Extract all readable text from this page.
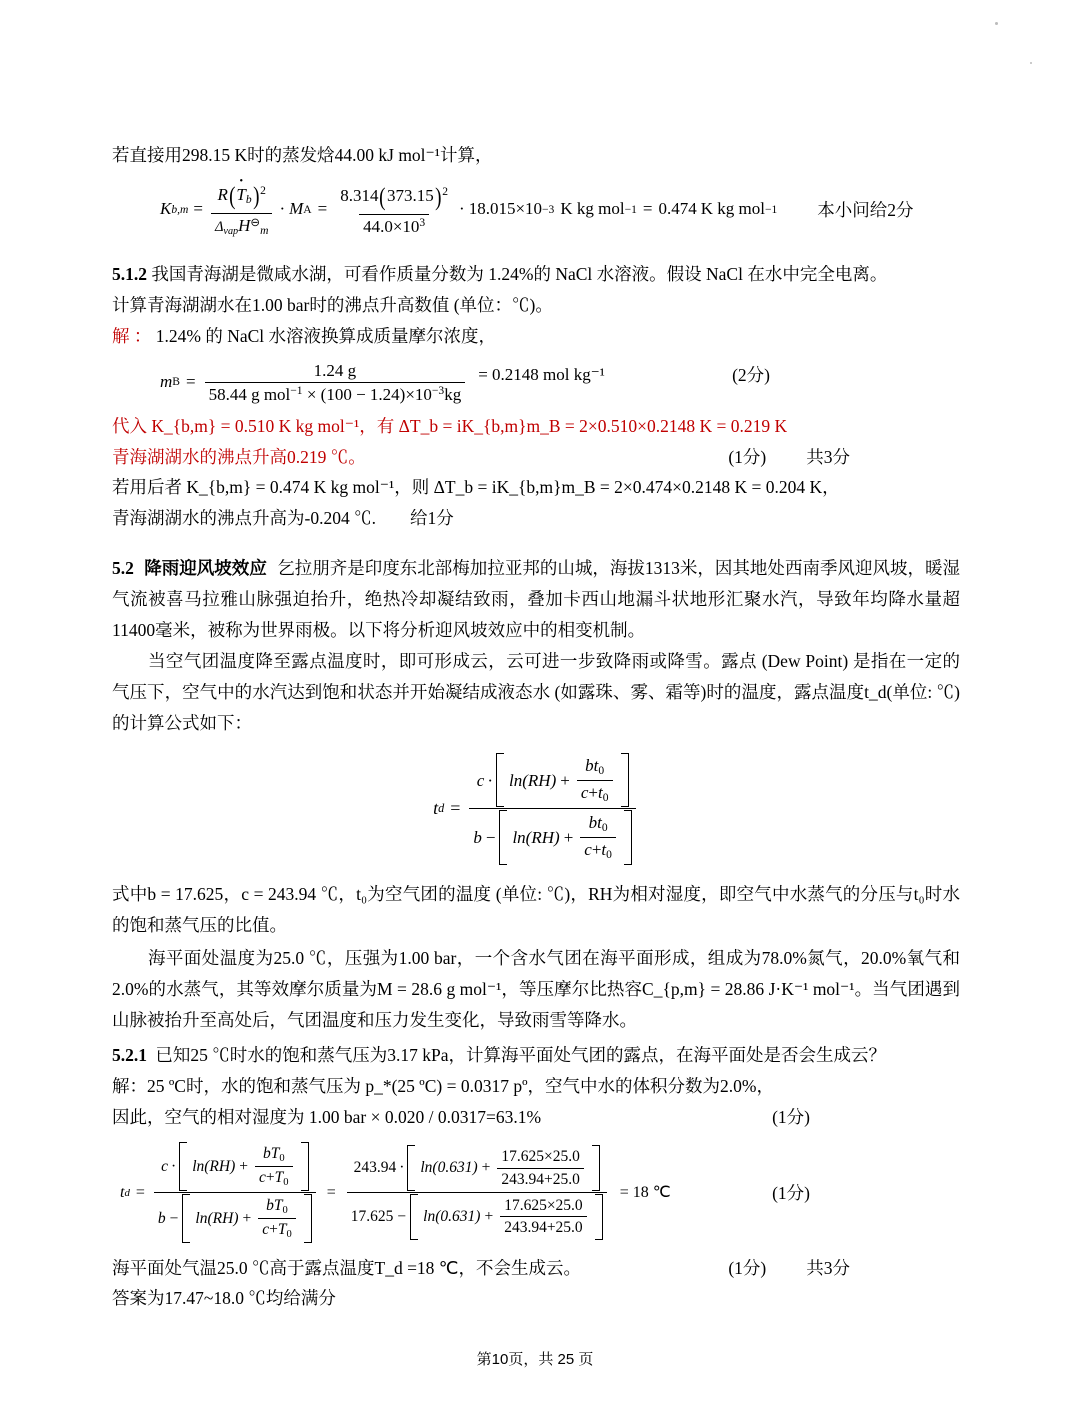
若直接用298.15 K时的蒸发焓44.00 kJ mol⁻¹计算，
K $b,m = \frac{R(T •_b)^2}{\Delta_{vap}H^⊖_m} \cdot M$ $A = \frac{8.314(373.15)^2}{44.0\times 10^3} \cdot 18.015\times 10 -3$ K kg mol −1 = 0.474 K kg mol −1 本小问给2分
5.1.2 我国青海湖是微咸水湖，可看作质量分数为 1.24%的 NaCl 水溶液。假设 NaCl 在水中完全电离。
计算青海湖湖水在1.00 bar时的沸点升高数值 (单位：℃)。
解 ： 1.24% 的 NaCl 水溶液换算成质量摩尔浓度，
m $B = \frac{1.24 g}{58.44 g mol^{-1} \times (100 - 1.24)\times 10^{-3}kg} = 0.2148$ mol kg⁻¹	(2分)
代入 K_{b,m} = 0.510 K kg mol⁻¹，有 ΔT_b = iK_{b,m}m_B = 2×0.510×0.2148 K = 0.219 K
青海湖湖水的沸点升高0.219 ℃。	(1分) 共3分
若用后者 K_{b,m} = 0.474 K kg mol⁻¹，则 ΔT_b = iK_{b,m}m_B = 2×0.474×0.2148 K = 0.204 K，
青海湖湖水的沸点升高为-0.204 ℃. 给1分
5.2 降雨迎风坡效应 乞拉朋齐是印度东北部梅加拉亚邦的山城，海拔1313米，因其地处西南季风迎风坡，暖湿气流被喜马拉雅山脉强迫抬升，绝热冷却凝结致雨，叠加卡西山地漏斗状地形汇聚水汽，导致年均降水量超11400毫米，被称为世界雨极。以下将分析迎风坡效应中的相变机制。
当空气团温度降至露点温度时，即可形成云，云可进一步致降雨或降雪。露点 (Dew Point) 是指在一定的气压下，空气中的水汽达到饱和状态并开始凝结成液态水 (如露珠、雾、霜等)时的温度，露点温度t_d(单位: ℃)的计算公式如下：
t d =
c · ln( RH ) + $\frac{bt_0}{c+t_0}$
b − ln( RH ) + $\frac{bt_0}{c+t_0}$
式中b = 17.625，c = 243.94 ℃，t₀为空气团的温度 (单位: ℃)，RH为相对湿度，即空气中水蒸气的分压与t₀时水的饱和蒸气压的比值。
海平面处温度为25.0 ℃，压强为1.00 bar，一个含水气团在海平面形成，组成为78.0%氮气，20.0%氧气和2.0%的水蒸气，其等效摩尔质量为M = 28.6 g mol⁻¹，等压摩尔比热容C_{p,m} = 28.86 J·K⁻¹ mol⁻¹。当气团遇到山脉被抬升至高处后，气团温度和压力发生变化，导致雨雪等降水。
5.2.1 已知25 ℃时水的饱和蒸气压为3.17 kPa，计算海平面处气团的露点，在海平面处是否会生成云？
解：25 ºC时，水的饱和蒸气压为 p_*(25 ºC) = 0.0317 pº，空气中水的体积分数为2.0%，
因此，空气的相对湿度为 1.00 bar × 0.020 / 0.0317=63.1%	(1分)
t d =
c · ln( RH ) + $\frac{bT_0}{c+T_0}$
b − ln( RH ) + $\frac{bT_0}{c+T_0}$
=
$243.94 \cdot \ln(0.631) + \frac{17.625\times 25.0}{243.94+25.0}$
$17.625 - \ln(0.631) + \frac{17.625\times 25.0}{243.94+25.0}$
= 18 ℃	(1分)
海平面处气温25.0 ℃高于露点温度T_d =18 ℃，不会生成云。	(1分) 共3分
答案为17.47~18.0 ℃均给满分
第10页，共 25 页
